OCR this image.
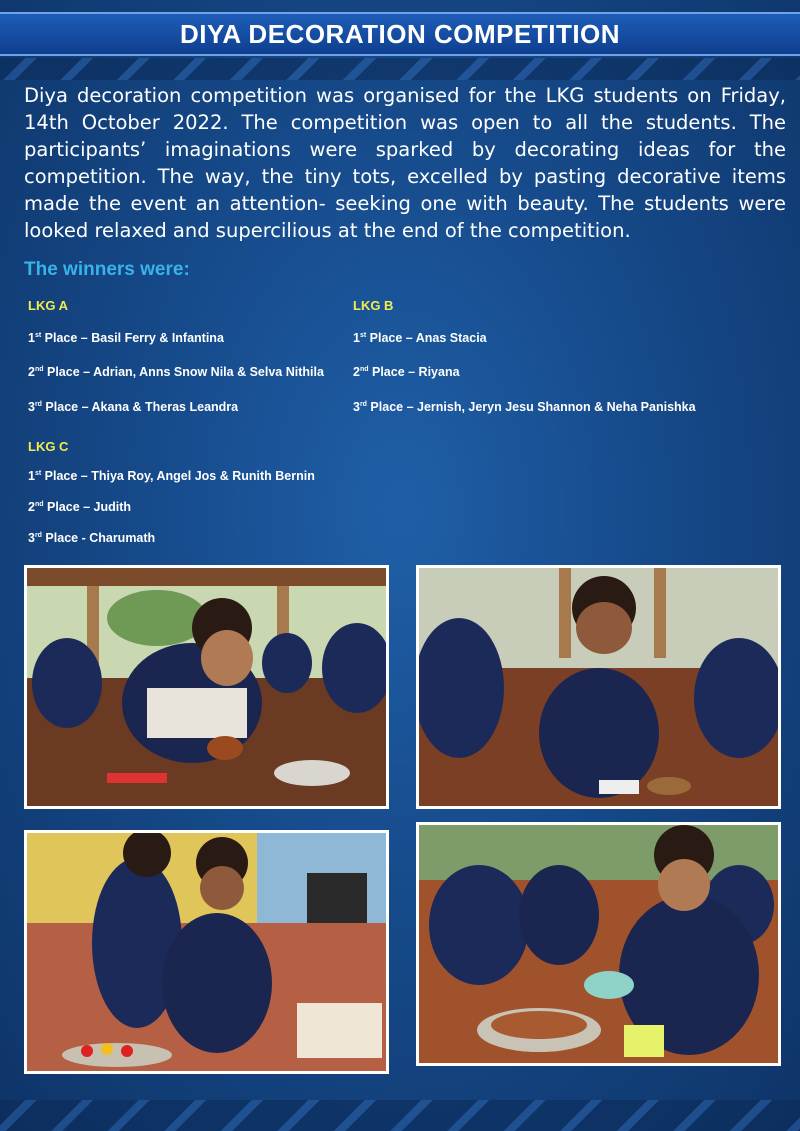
DIYA DECORATION COMPETITION
Diya decoration competition was organised for the LKG students on Friday, 14th October 2022. The competition was open to all the students. The participants’ imaginations were sparked by decorating ideas for the competition. The way, the tiny tots, excelled by pasting decorative items made the event an attention- seeking one with beauty. The students were looked relaxed and supercilious at the end of the competition.
The winners were:
LKG A
1st Place – Basil Ferry & Infantina
2nd Place – Adrian, Anns Snow Nila & Selva Nithila
3rd Place – Akana & Theras Leandra
LKG B
1st Place – Anas Stacia
2nd Place – Riyana
3rd Place – Jernish, Jeryn Jesu Shannon & Neha Panishka
LKG C
1st Place – Thiya Roy, Angel Jos & Runith Bernin
2nd Place – Judith
3rd Place - Charumath
